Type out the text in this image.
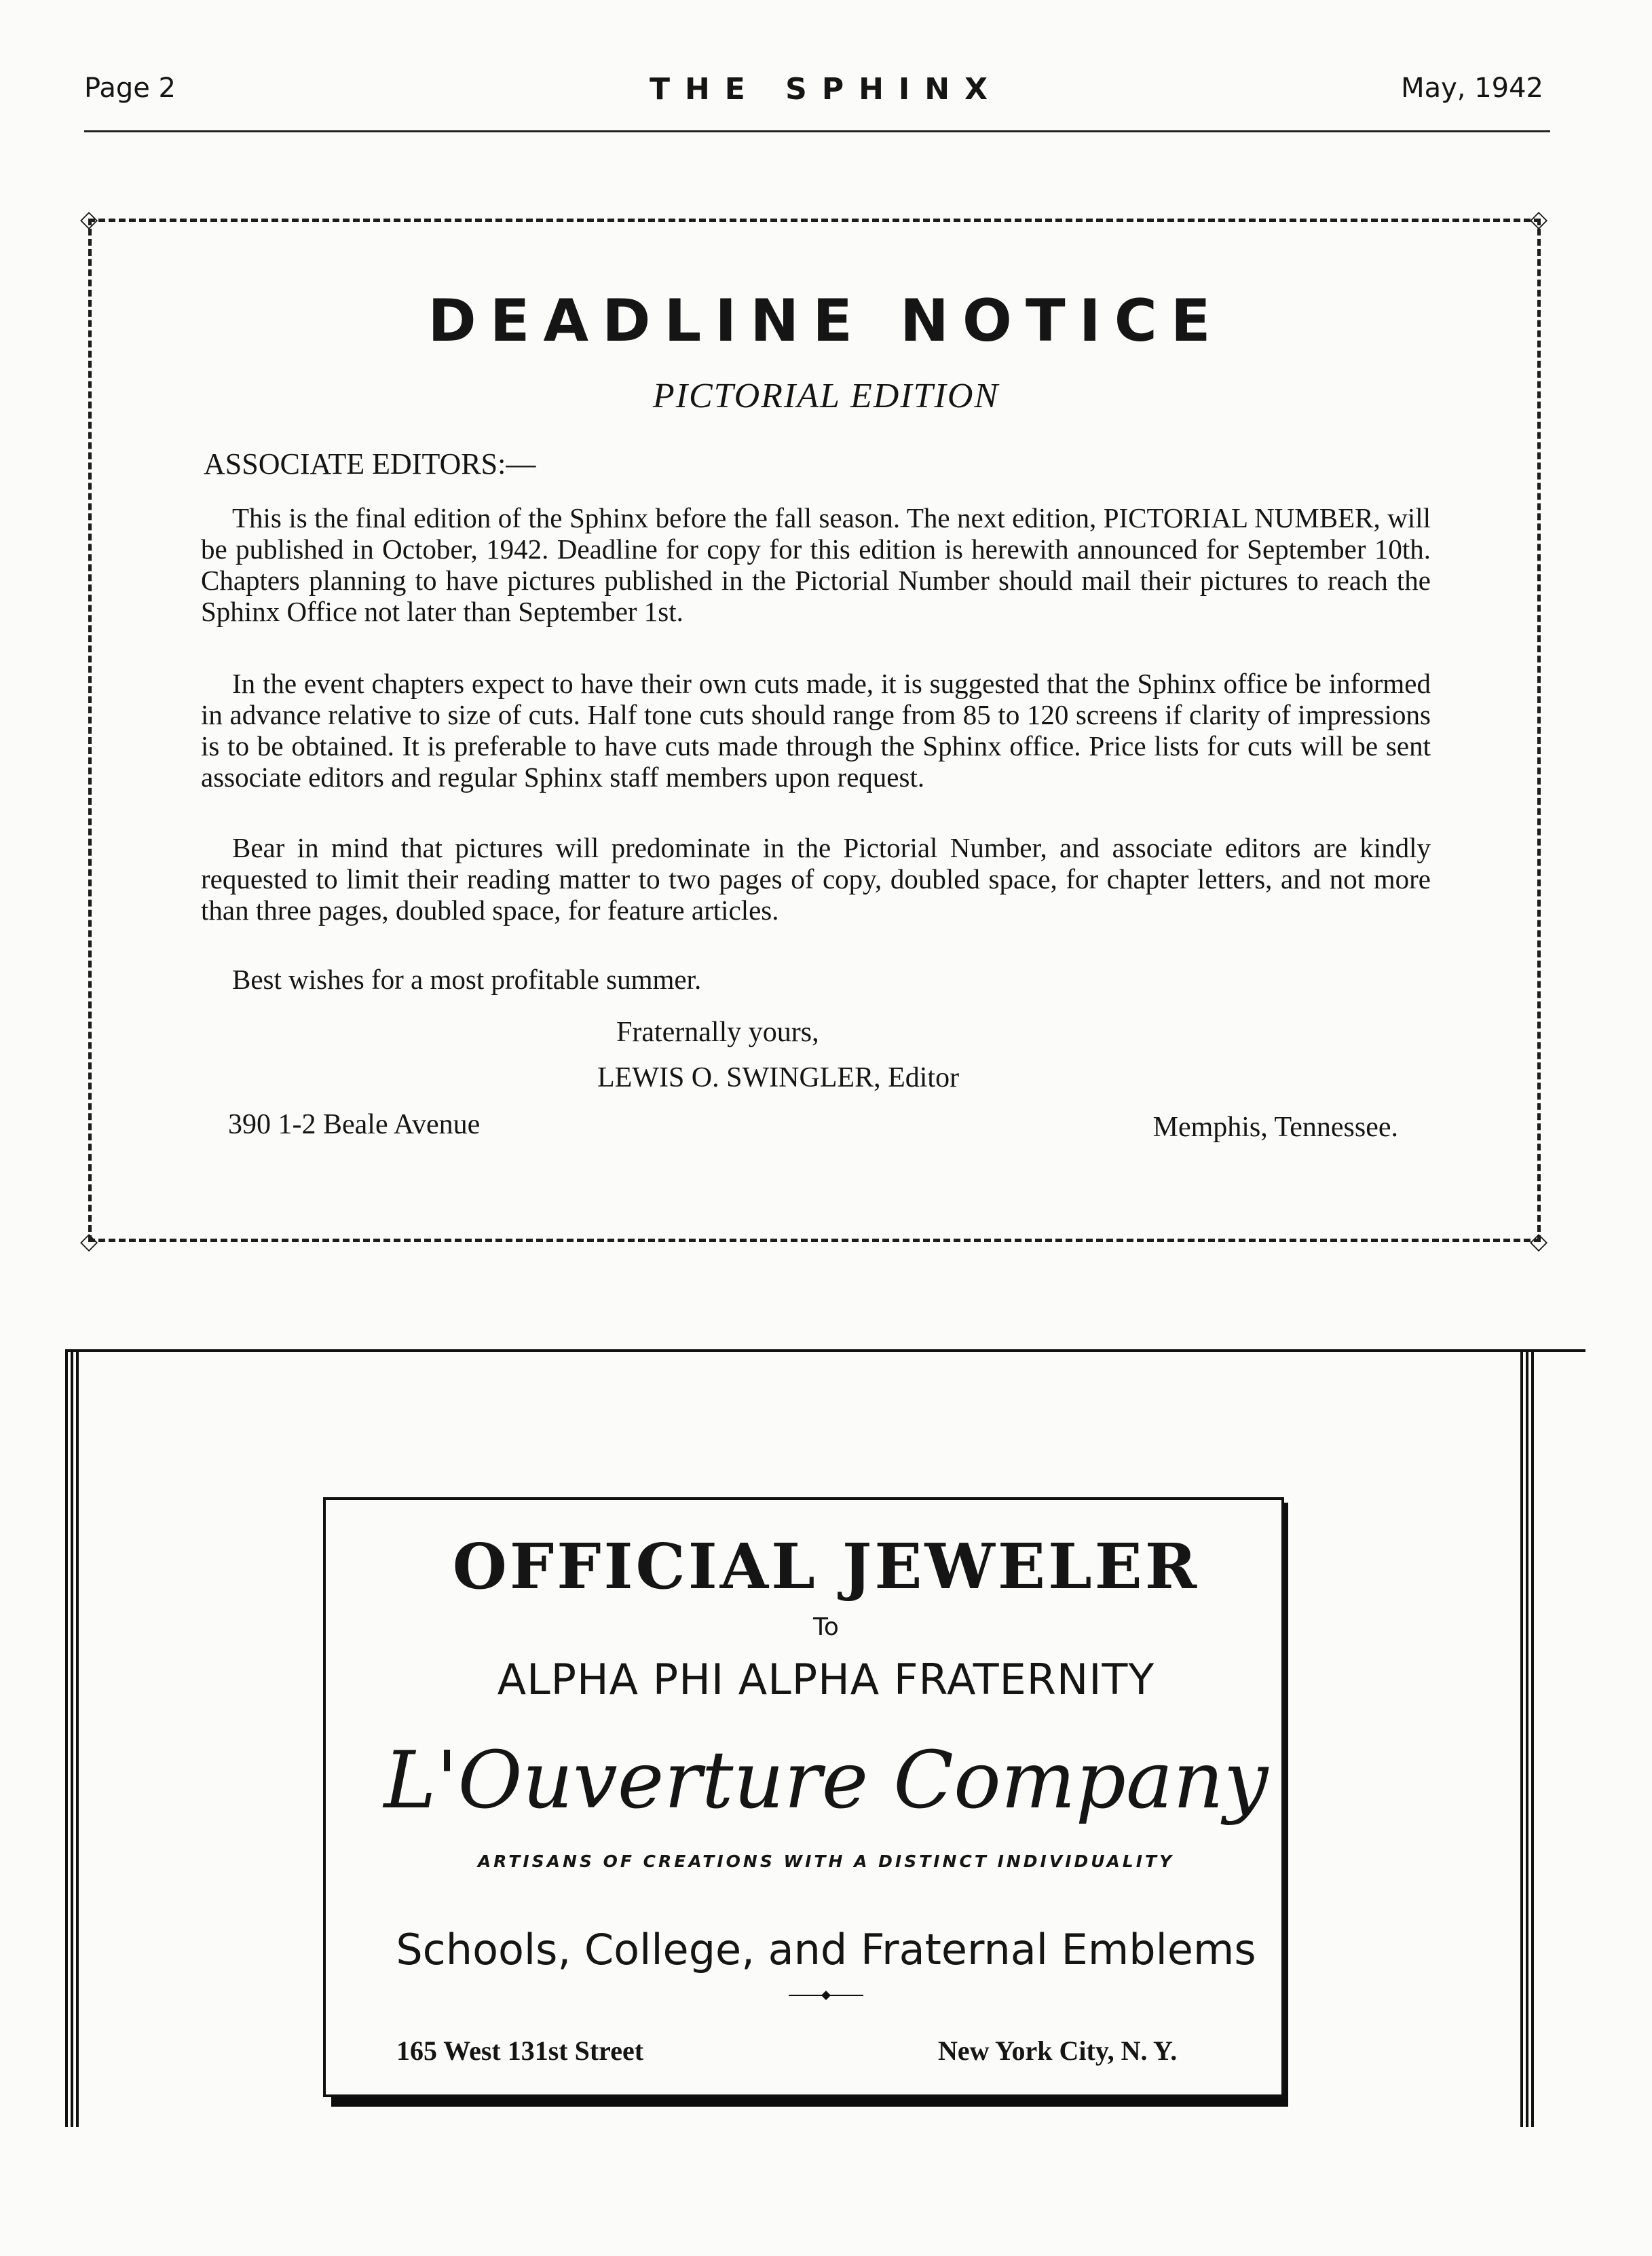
Page 2	THE SPHINX	May, 1942
◇	◇
◇	◇
DEADLINE NOTICE
PICTORIAL EDITION
ASSOCIATE EDITORS:—

This is the final edition of the Sphinx before the fall season. The next edition, PICTORIAL NUMBER, will be published in October, 1942. Deadline for copy for this edition is herewith announced for September 10th. Chapters planning to have pictures published in the Pictorial Number should mail their pictures to reach the Sphinx Office not later than September 1st.

In the event chapters expect to have their own cuts made, it is suggested that the Sphinx office be informed in advance relative to size of cuts. Half tone cuts should range from 85 to 120 screens if clarity of impressions is to be obtained. It is preferable to have cuts made through the Sphinx office. Price lists for cuts will be sent associate editors and regular Sphinx staff members upon request.

Bear in mind that pictures will predominate in the Pictorial Number, and associate editors are kindly requested to limit their reading matter to two pages of copy, doubled space, for chapter letters, and not more than three pages, doubled space, for feature articles.

Best wishes for a most profitable summer.

Fraternally yours,
LEWIS O. SWINGLER, Editor
390 1-2 Beale Avenue	Memphis, Tennessee.
OFFICIAL JEWELER
To
ALPHA PHI ALPHA FRATERNITY
L'Ouverture Company
ARTISANS OF CREATIONS WITH A DISTINCT INDIVIDUALITY
Schools, College, and Fraternal Emblems
165 West 131st Street	New York City, N. Y.
